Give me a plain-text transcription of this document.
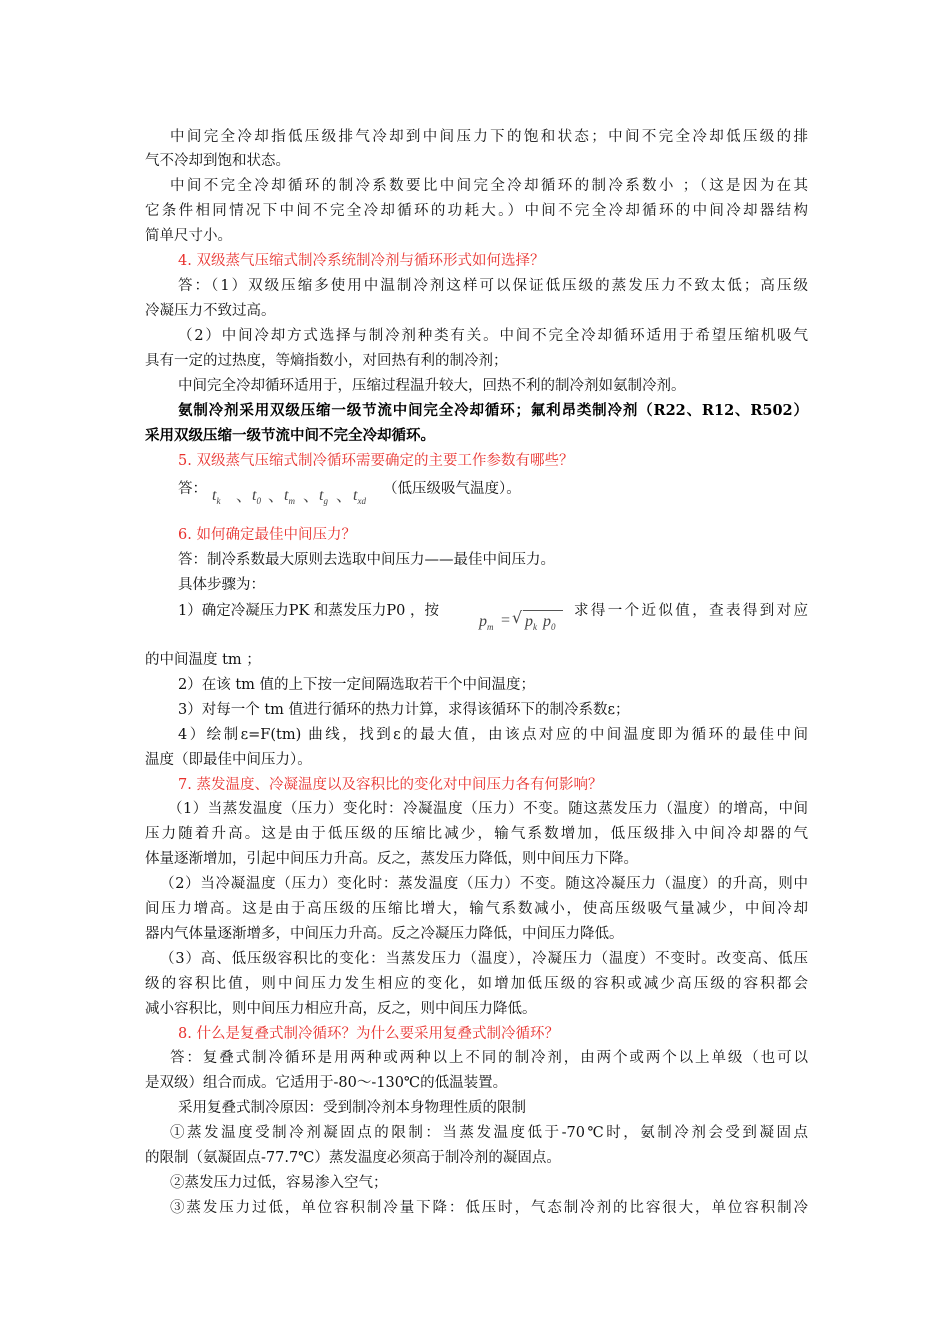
中间完全冷却指低压级排气冷却到中间压力下的饱和状态；中间不完全冷却低压级的排
气不冷却到饱和状态。
中间不完全冷却循环的制冷系数要比中间完全冷却循环的制冷系数小 ；（这是因为在其
它条件相同情况下中间不完全冷却循环的功耗大。）中间不完全冷却循环的中间冷却器结构
简单尺寸小。
4. 双级蒸气压缩式制冷系统制冷剂与循环形式如何选择？
答：（1）双级压缩多使用中温制冷剂这样可以保证低压级的蒸发压力不致太低；高压级
冷凝压力不致过高。
（2）中间冷却方式选择与制冷剂种类有关。中间不完全冷却循环适用于希望压缩机吸气
具有一定的过热度，等熵指数小，对回热有利的制冷剂；
中间完全冷却循环适用于，压缩过程温升较大，回热不利的制冷剂如氨制冷剂。
氨制冷剂采用双级压缩一级节流中间完全冷却循环；氟利昂类制冷剂（R22、R12、R502）
采用双级压缩一级节流中间不完全冷却循环。
5. 双级蒸气压缩式制冷循环需要确定的主要工作参数有哪些？
答： $t_k$ 、 $t_0$ 、 $t_m$ 、 $t_g$ 、 $t_{xd}$
（低压级吸气温度）。
6. 如何确定最佳中间压力？
答：制冷系数最大原则去选取中间压力——最佳中间压力。
具体步骤为：
1）确定冷凝压力PK 和蒸发压力P0 ，按
$p_m$ = √ $p_k$ $p_0$
求得一个近似值，查表得到对应
的中间温度 tm ；
2）在该 tm 值的上下按一定间隔选取若干个中间温度；
3）对每一个 tm 值进行循环的热力计算，求得该循环下的制冷系数ε；
4）绘制ε=F(tm) 曲线，找到ε的最大值，由该点对应的中间温度即为循环的最佳中间
温度（即最佳中间压力）。
7. 蒸发温度、冷凝温度以及容积比的变化对中间压力各有何影响？
（1）当蒸发温度（压力）变化时：冷凝温度（压力）不变。随这蒸发压力（温度）的增高，中间
压力随着升高。这是由于低压级的压缩比减少，输气系数增加，低压级排入中间冷却器的气
体量逐渐增加，引起中间压力升高。反之，蒸发压力降低，则中间压力下降。
（2）当冷凝温度（压力）变化时：蒸发温度（压力）不变。随这冷凝压力（温度）的升高，则中
间压力增高。这是由于高压级的压缩比增大，输气系数减小，使高压级吸气量减少，中间冷却
器内气体量逐渐增多，中间压力升高。反之冷凝压力降低，中间压力降低。
（3）高、低压级容积比的变化：当蒸发压力（温度），冷凝压力（温度）不变时。改变高、低压
级的容积比值，则中间压力发生相应的变化，如增加低压级的容积或减少高压级的容积都会
减小容积比，则中间压力相应升高，反之，则中间压力降低。
8. 什么是复叠式制冷循环？为什么要采用复叠式制冷循环？
答：复叠式制冷循环是用两种或两种以上不同的制冷剂，由两个或两个以上单级（也可以
是双级）组合而成。它适用于-80～-130℃的低温装置。
采用复叠式制冷原因：受到制冷剂本身物理性质的限制
①蒸发温度受制冷剂凝固点的限制：当蒸发温度低于-70℃时，氨制冷剂会受到凝固点
的限制（氨凝固点-77.7℃）蒸发温度必须高于制冷剂的凝固点。
②蒸发压力过低，容易渗入空气；
③蒸发压力过低，单位容积制冷量下降：低压时，气态制冷剂的比容很大，单位容积制冷
